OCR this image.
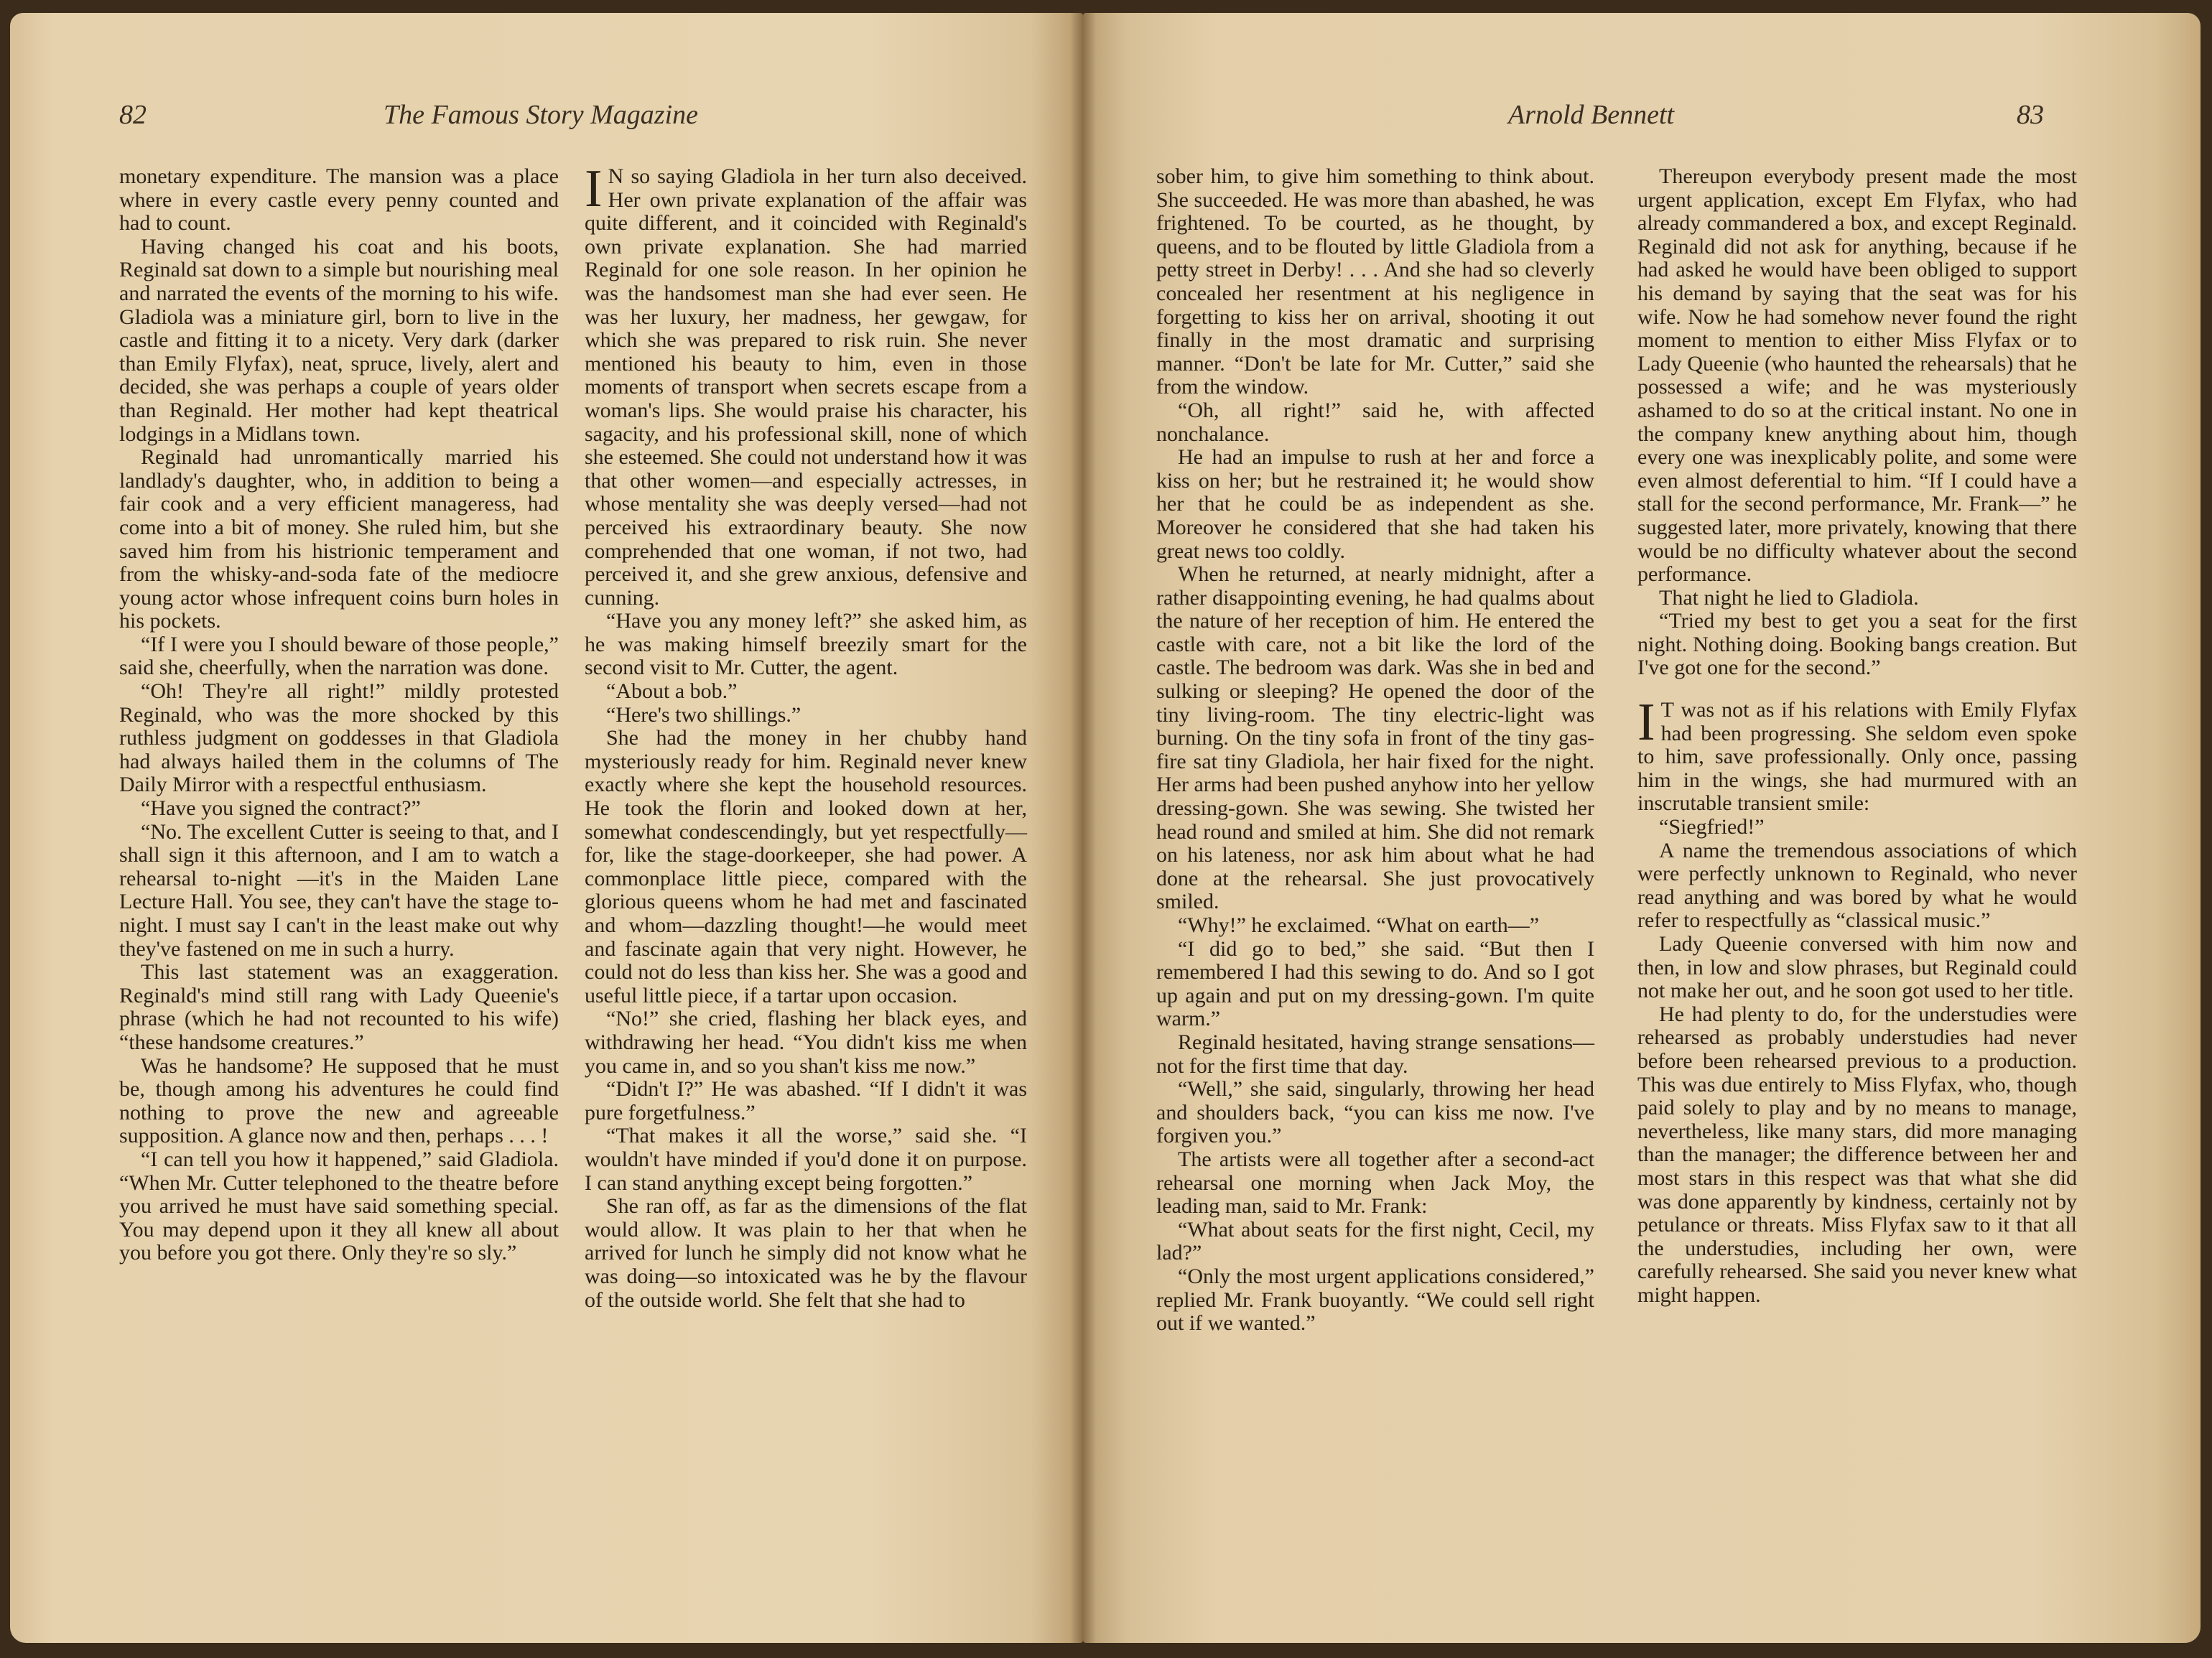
82	The Famous Story Magazine

monetary expenditure. The mansion was a place where in every castle every penny counted and had to count.

Having changed his coat and his boots, Reginald sat down to a simple but nourishing meal and narrated the events of the morning to his wife. Gladiola was a miniature girl, born to live in the castle and fitting it to a nicety. Very dark (darker than Emily Flyfax), neat, spruce, lively, alert and decided, she was perhaps a couple of years older than Reginald. Her mother had kept theatrical lodgings in a Midlans town.

Reginald had unromantically married his landlady's daughter, who, in addition to being a fair cook and a very efficient manageress, had come into a bit of money. She ruled him, but she saved him from his histrionic temperament and from the whisky-and-soda fate of the mediocre young actor whose infrequent coins burn holes in his pockets.

“If I were you I should beware of those people,” said she, cheerfully, when the narration was done.

“Oh! They're all right!” mildly protested Reginald, who was the more shocked by this ruthless judgment on goddesses in that Gladiola had always hailed them in the columns of The Daily Mirror with a respectful enthusiasm.

“Have you signed the contract?”

“No. The excellent Cutter is seeing to that, and I shall sign it this afternoon, and I am to watch a rehearsal to-night —it's in the Maiden Lane Lecture Hall. You see, they can't have the stage to-night. I must say I can't in the least make out why they've fastened on me in such a hurry.

This last statement was an exaggeration. Reginald's mind still rang with Lady Queenie's phrase (which he had not recounted to his wife) “these handsome creatures.”

Was he handsome? He supposed that he must be, though among his adventures he could find nothing to prove the new and agreeable supposition. A glance now and then, perhaps . . . !

“I can tell you how it happened,” said Gladiola. “When Mr. Cutter telephoned to the theatre before you arrived he must have said something special. You may depend upon it they all knew all about you before you got there. Only they're so sly.”

I N so saying Gladiola in her turn also deceived. Her own private explanation of the affair was quite different, and it coincided with Reginald's own private explanation. She had married Reginald for one sole reason. In her opinion he was the handsomest man she had ever seen. He was her luxury, her madness, her gewgaw, for which she was prepared to risk ruin. She never mentioned his beauty to him, even in those moments of transport when secrets escape from a woman's lips. She would praise his character, his sagacity, and his professional skill, none of which she esteemed. She could not understand how it was that other women—and especially actresses, in whose mentality she was deeply versed—had not perceived his extraordinary beauty. She now comprehended that one woman, if not two, had perceived it, and she grew anxious, defensive and cunning.

“Have you any money left?” she asked him, as he was making himself breezily smart for the second visit to Mr. Cutter, the agent.

“About a bob.”

“Here's two shillings.”

She had the money in her chubby hand mysteriously ready for him. Reginald never knew exactly where she kept the household resources. He took the florin and looked down at her, somewhat condescendingly, but yet respectfully—for, like the stage-doorkeeper, she had power. A commonplace little piece, compared with the glorious queens whom he had met and fascinated and whom—dazzling thought!—he would meet and fascinate again that very night. However, he could not do less than kiss her. She was a good and useful little piece, if a tartar upon occasion.

“No!” she cried, flashing her black eyes, and withdrawing her head. “You didn't kiss me when you came in, and so you shan't kiss me now.”

“Didn't I?” He was abashed. “If I didn't it was pure forgetfulness.”

“That makes it all the worse,” said she. “I wouldn't have minded if you'd done it on purpose. I can stand anything except being forgotten.”

She ran off, as far as the dimensions of the flat would allow. It was plain to her that when he arrived for lunch he simply did not know what he was doing—so intoxicated was he by the flavour of the outside world. She felt that she had to

Arnold Bennett	83

sober him, to give him something to think about. She succeeded. He was more than abashed, he was frightened. To be courted, as he thought, by queens, and to be flouted by little Gladiola from a petty street in Derby! . . . And she had so cleverly concealed her resentment at his negligence in forgetting to kiss her on arrival, shooting it out finally in the most dramatic and surprising manner. “Don't be late for Mr. Cutter,” said she from the window.

“Oh, all right!” said he, with affected nonchalance.

He had an impulse to rush at her and force a kiss on her; but he restrained it; he would show her that he could be as independent as she. Moreover he considered that she had taken his great news too coldly.

When he returned, at nearly midnight, after a rather disappointing evening, he had qualms about the nature of her reception of him. He entered the castle with care, not a bit like the lord of the castle. The bedroom was dark. Was she in bed and sulking or sleeping? He opened the door of the tiny living-room. The tiny electric-light was burning. On the tiny sofa in front of the tiny gas-fire sat tiny Gladiola, her hair fixed for the night. Her arms had been pushed anyhow into her yellow dressing-gown. She was sewing. She twisted her head round and smiled at him. She did not remark on his lateness, nor ask him about what he had done at the rehearsal. She just provocatively smiled.

“Why!” he exclaimed. “What on earth—”

“I did go to bed,” she said. “But then I remembered I had this sewing to do. And so I got up again and put on my dressing-gown. I'm quite warm.”

Reginald hesitated, having strange sensations—not for the first time that day.

“Well,” she said, singularly, throwing her head and shoulders back, “you can kiss me now. I've forgiven you.”

The artists were all together after a second-act rehearsal one morning when Jack Moy, the leading man, said to Mr. Frank:

“What about seats for the first night, Cecil, my lad?”

“Only the most urgent applications considered,” replied Mr. Frank buoyantly. “We could sell right out if we wanted.”

Thereupon everybody present made the most urgent application, except Em Flyfax, who had already commandered a box, and except Reginald. Reginald did not ask for anything, because if he had asked he would have been obliged to support his demand by saying that the seat was for his wife. Now he had somehow never found the right moment to mention to either Miss Flyfax or to Lady Queenie (who haunted the rehearsals) that he possessed a wife; and he was mysteriously ashamed to do so at the critical instant. No one in the company knew anything about him, though every one was inexplicably polite, and some were even almost deferential to him. “If I could have a stall for the second performance, Mr. Frank—” he suggested later, more privately, knowing that there would be no difficulty whatever about the second performance.

That night he lied to Gladiola.

“Tried my best to get you a seat for the first night. Nothing doing. Booking bangs creation. But I've got one for the second.”

I T was not as if his relations with Emily Flyfax had been progressing. She seldom even spoke to him, save professionally. Only once, passing him in the wings, she had murmured with an inscrutable transient smile:

“Siegfried!”

A name the tremendous associations of which were perfectly unknown to Reginald, who never read anything and was bored by what he would refer to respectfully as “classical music.”

Lady Queenie conversed with him now and then, in low and slow phrases, but Reginald could not make her out, and he soon got used to her title.

He had plenty to do, for the understudies were rehearsed as probably understudies had never before been rehearsed previous to a production. This was due entirely to Miss Flyfax, who, though paid solely to play and by no means to manage, nevertheless, like many stars, did more managing than the manager; the difference between her and most stars in this respect was that what she did was done apparently by kindness, certainly not by petulance or threats. Miss Flyfax saw to it that all the understudies, including her own, were carefully rehearsed. She said you never knew what might happen.
